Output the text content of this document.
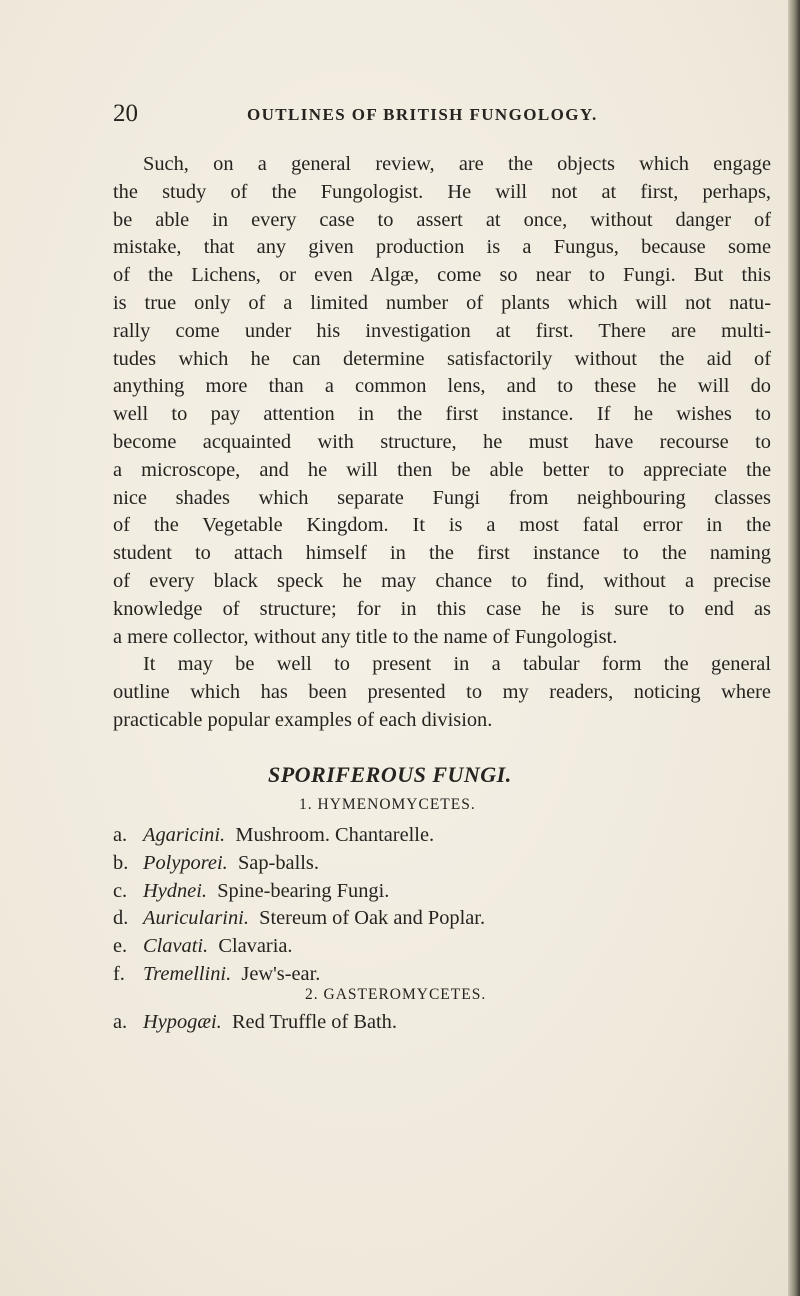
20	OUTLINES OF BRITISH FUNGOLOGY.
Such, on a general review, are the objects which engage
the study of the Fungologist. He will not at first, perhaps,
be able in every case to assert at once, without danger of
mistake, that any given production is a Fungus, because some
of the Lichens, or even Algæ, come so near to Fungi. But this
is true only of a limited number of plants which will not natu-
rally come under his investigation at first. There are multi-
tudes which he can determine satisfactorily without the aid of
anything more than a common lens, and to these he will do
well to pay attention in the first instance. If he wishes to
become acquainted with structure, he must have recourse to
a microscope, and he will then be able better to appreciate the
nice shades which separate Fungi from neighbouring classes
of the Vegetable Kingdom. It is a most fatal error in the
student to attach himself in the first instance to the naming
of every black speck he may chance to find, without a precise
knowledge of structure; for in this case he is sure to end as
a mere collector, without any title to the name of Fungologist.
It may be well to present in a tabular form the general
outline which has been presented to my readers, noticing where
practicable popular examples of each division.
SPORIFEROUS FUNGI.
1. HYMENOMYCETES.
a. Agaricini. Mushroom. Chantarelle.
b. Polyporei. Sap-balls.
c. Hydnei. Spine-bearing Fungi.
d. Auricularini. Stereum of Oak and Poplar.
e. Clavati. Clavaria.
f. Tremellini. Jew's-ear.
2. GASTEROMYCETES.
a. Hypogæi. Red Truffle of Bath.
